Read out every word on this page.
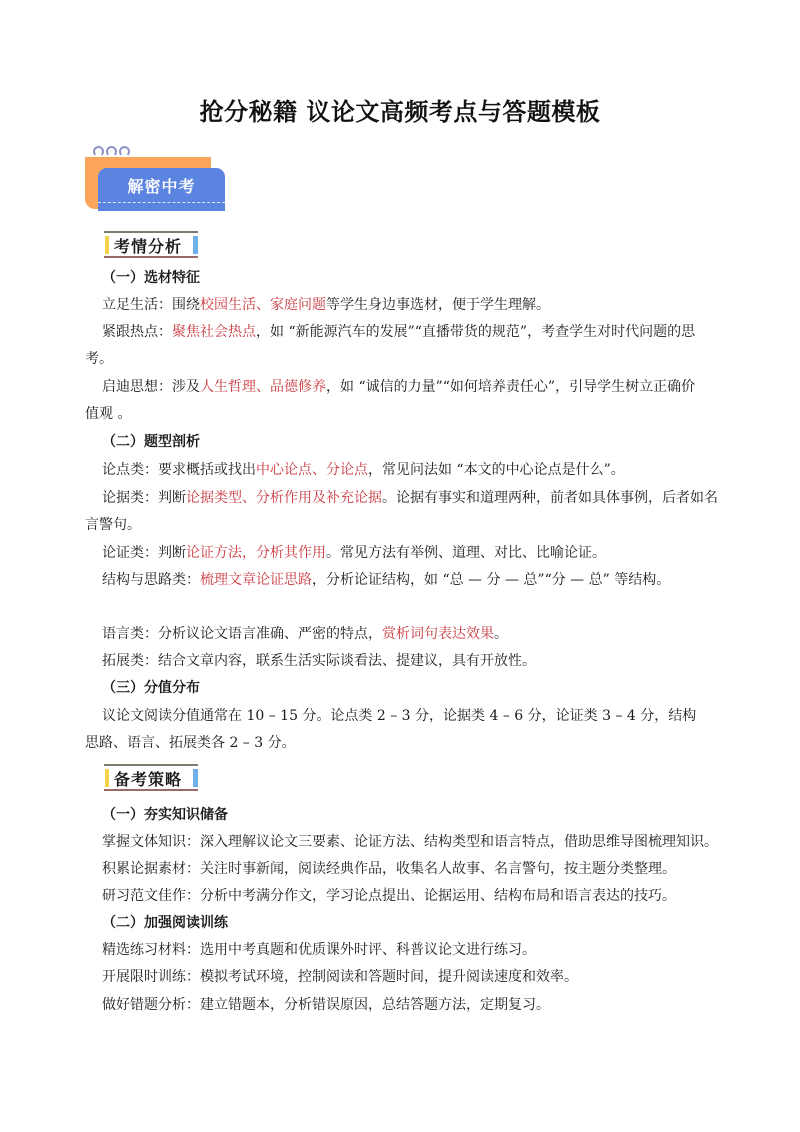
抢分秘籍 议论文高频考点与答题模板
解密中考
考情分析
（一）选材特征
立足生活：围绕校园生活、家庭问题等学生身边事选材，便于学生理解。
紧跟热点：聚焦社会热点，如 “新能源汽车的发展”“直播带货的规范”，考查学生对时代问题的思
考。
启迪思想：涉及人生哲理、品德修养，如 “诚信的力量”“如何培养责任心”，引导学生树立正确价
值观 。
（二）题型剖析
论点类：要求概括或找出中心论点、分论点，常见问法如 “本文的中心论点是什么”。
论据类：判断论据类型、分析作用及补充论据。论据有事实和道理两种，前者如具体事例，后者如名
言警句。
论证类：判断论证方法，分析其作用。常见方法有举例、道理、对比、比喻论证。
结构与思路类：梳理文章论证思路，分析论证结构，如 “总 — 分 — 总”“分 — 总” 等结构。
语言类：分析议论文语言准确、严密的特点，赏析词句表达效果。
拓展类：结合文章内容，联系生活实际谈看法、提建议，具有开放性。
（三）分值分布
议论文阅读分值通常在 10 – 15 分。论点类 2 – 3 分，论据类 4 – 6 分，论证类 3 – 4 分，结构
思路、语言、拓展类各 2 – 3 分。
备考策略
（一）夯实知识储备
掌握文体知识：深入理解议论文三要素、论证方法、结构类型和语言特点，借助思维导图梳理知识。
积累论据素材：关注时事新闻，阅读经典作品，收集名人故事、名言警句，按主题分类整理。
研习范文佳作：分析中考满分作文，学习论点提出、论据运用、结构布局和语言表达的技巧。
（二）加强阅读训练
精选练习材料：选用中考真题和优质课外时评、科普议论文进行练习。
开展限时训练：模拟考试环境，控制阅读和答题时间，提升阅读速度和效率。
做好错题分析：建立错题本，分析错误原因，总结答题方法，定期复习。
